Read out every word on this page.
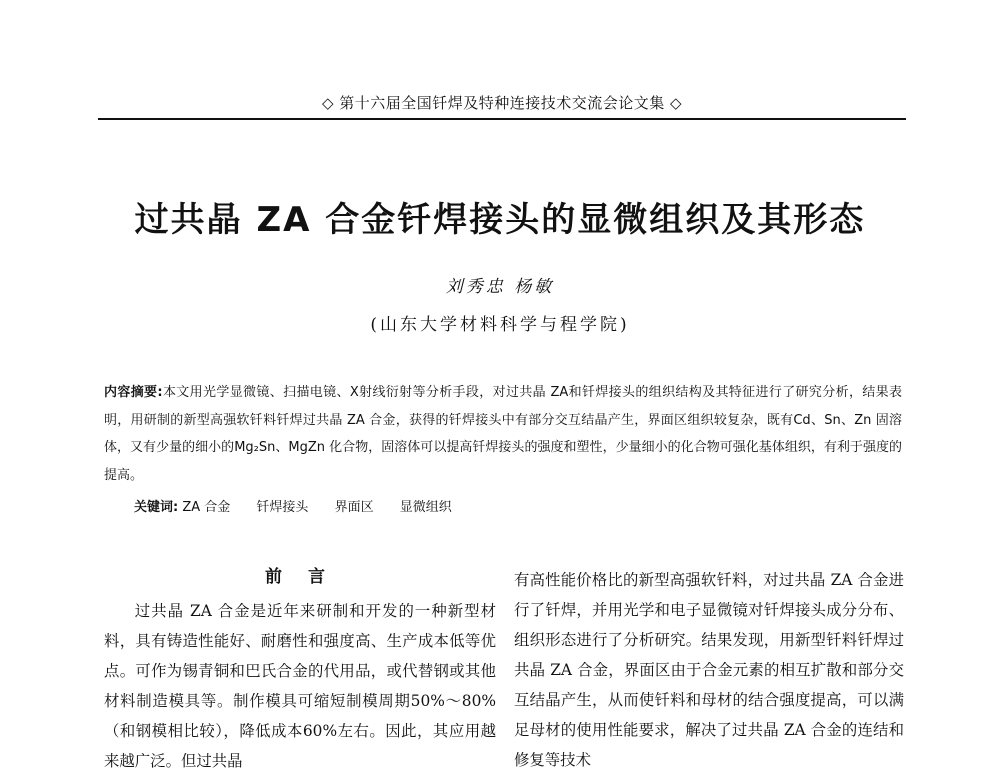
◇ 第十六届全国钎焊及特种连接技术交流会论文集 ◇
过共晶 ZA 合金钎焊接头的显微组织及其形态
刘秀忠 杨敏
(山东大学材料科学与程学院)
内容摘要:本文用光学显微镜、扫描电镜、X射线衍射等分析手段，对过共晶 ZA和钎焊接头的组织结构及其特征进行了研究分析，结果表明，用研制的新型高强软钎料钎焊过共晶 ZA 合金，获得的钎焊接头中有部分交互结晶产生，界面区组织较复杂，既有Cd、Sn、Zn 固溶体，又有少量的细小的Mg₂Sn、MgZn 化合物，固溶体可以提高钎焊接头的强度和塑性，少量细小的化合物可强化基体组织，有利于强度的提高。
关键词: ZA 合金 钎焊接头 界面区 显微组织
前 言
过共晶 ZA 合金是近年来研制和开发的一种新型材料，具有铸造性能好、耐磨性和强度高、生产成本低等优点。可作为锡青铜和巴氏合金的代用品，或代替钢或其他材料制造模具等。制作模具可缩短制模周期50%～80%（和钢模相比较），降低成本60%左右。因此，其应用越来越广泛。但过共晶
有高性能价格比的新型高强软钎料，对过共晶 ZA 合金进行了钎焊，并用光学和电子显微镜对钎焊接头成分分布、组织形态进行了分析研究。结果发现，用新型钎料钎焊过共晶 ZA 合金，界面区由于合金元素的相互扩散和部分交互结晶产生，从而使钎料和母材的结合强度提高，可以满足母材的使用性能要求，解决了过共晶 ZA 合金的连结和修复等技术
